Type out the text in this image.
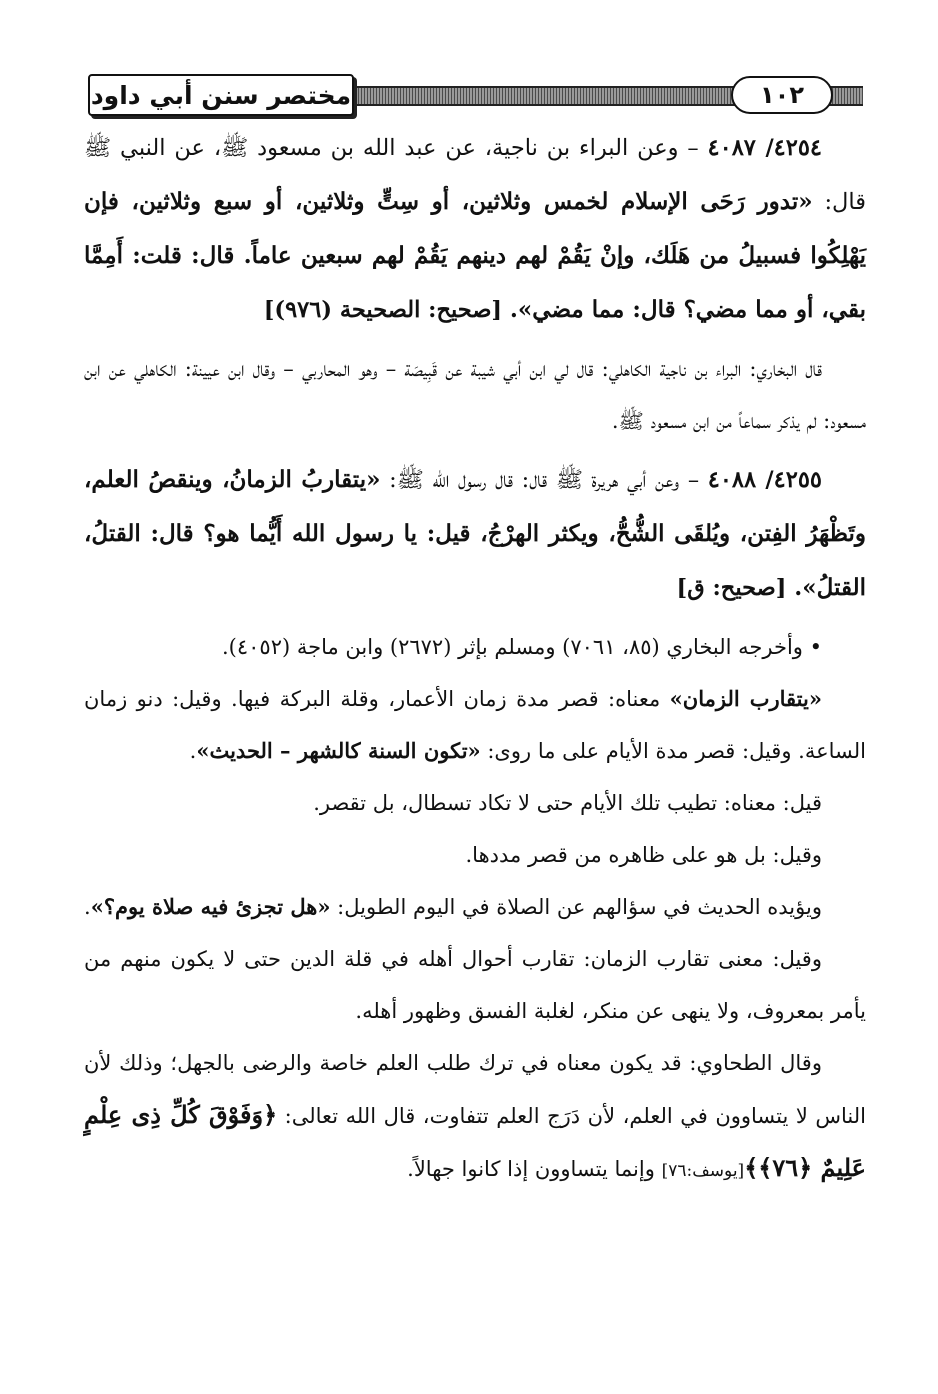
مختصر سنن أبي داود	١٠٢

٤٢٥٤/ ٤٠٨٧ – وعن البراء بن ناجية، عن عبد الله بن مسعود ﷺ، عن النبي ﷺ قال: «تدور رَحَى الإسلام لخمس وثلاثين، أو سِتٍّ وثلاثين، أو سبع وثلاثين، فإن يَهْلِكُوا فسبيلُ من هَلَك، وإنْ يَقُمْ لهم دينهم يَقُمْ لهم سبعين عاماً. قال: قلت: أَمِمَّا بقي، أو مما مضي؟ قال: مما مضي». [صحيح: الصحيحة (٩٧٦)]

قال البخاري: البراء بن ناجية الكاهلي: قال لي ابن أبي شيبة عن قَبِيصَة – وهو المحاربي – وقال ابن عيينة: الكاهلي عن ابن مسعود: لم يذكر سماعاً من ابن مسعود ﷺ.

٤٢٥٥/ ٤٠٨٨ – وعن أبي هريرة ﷺ قال: قال رسول الله ﷺ: «يتقاربُ الزمانُ، وينقصُ العلم، وتَظْهَرُ الفِتن، ويُلقَى الشُّحُّ، ويكثر الهرْجُ، قيل: يا رسول الله أَيُّما هو؟ قال: القتلُ، القتلُ». [صحيح: ق]

• وأخرجه البخاري (٨٥، ٧٠٦١) ومسلم بإثر (٢٦٧٢) وابن ماجة (٤٠٥٢).

«يتقارب الزمان» معناه: قصر مدة زمان الأعمار، وقلة البركة فيها. وقيل: دنو زمان الساعة. وقيل: قصر مدة الأيام على ما روى: «تكون السنة كالشهر – الحديث».

قيل: معناه: تطيب تلك الأيام حتى لا تكاد تسطال، بل تقصر.

وقيل: بل هو على ظاهره من قصر مددها.

ويؤيده الحديث في سؤالهم عن الصلاة في اليوم الطويل: «هل تجزئ فيه صلاة يوم؟».

وقيل: معنى تقارب الزمان: تقارب أحوال أهله في قلة الدين حتى لا يكون منهم من يأمر بمعروف، ولا ينهى عن منكر، لغلبة الفسق وظهور أهله.

وقال الطحاوي: قد يكون معناه في ترك طلب العلم خاصة والرضى بالجهل؛ وذلك لأن الناس لا يتساوون في العلم، لأن دَرَج العلم تتفاوت، قال الله تعالى: ﴿وَفَوْقَ كُلِّ ذِى عِلْمٍ عَلِيمٌ ﴿٧٦﴾﴾[يوسف:٧٦] وإنما يتساوون إذا كانوا جهالاً.
